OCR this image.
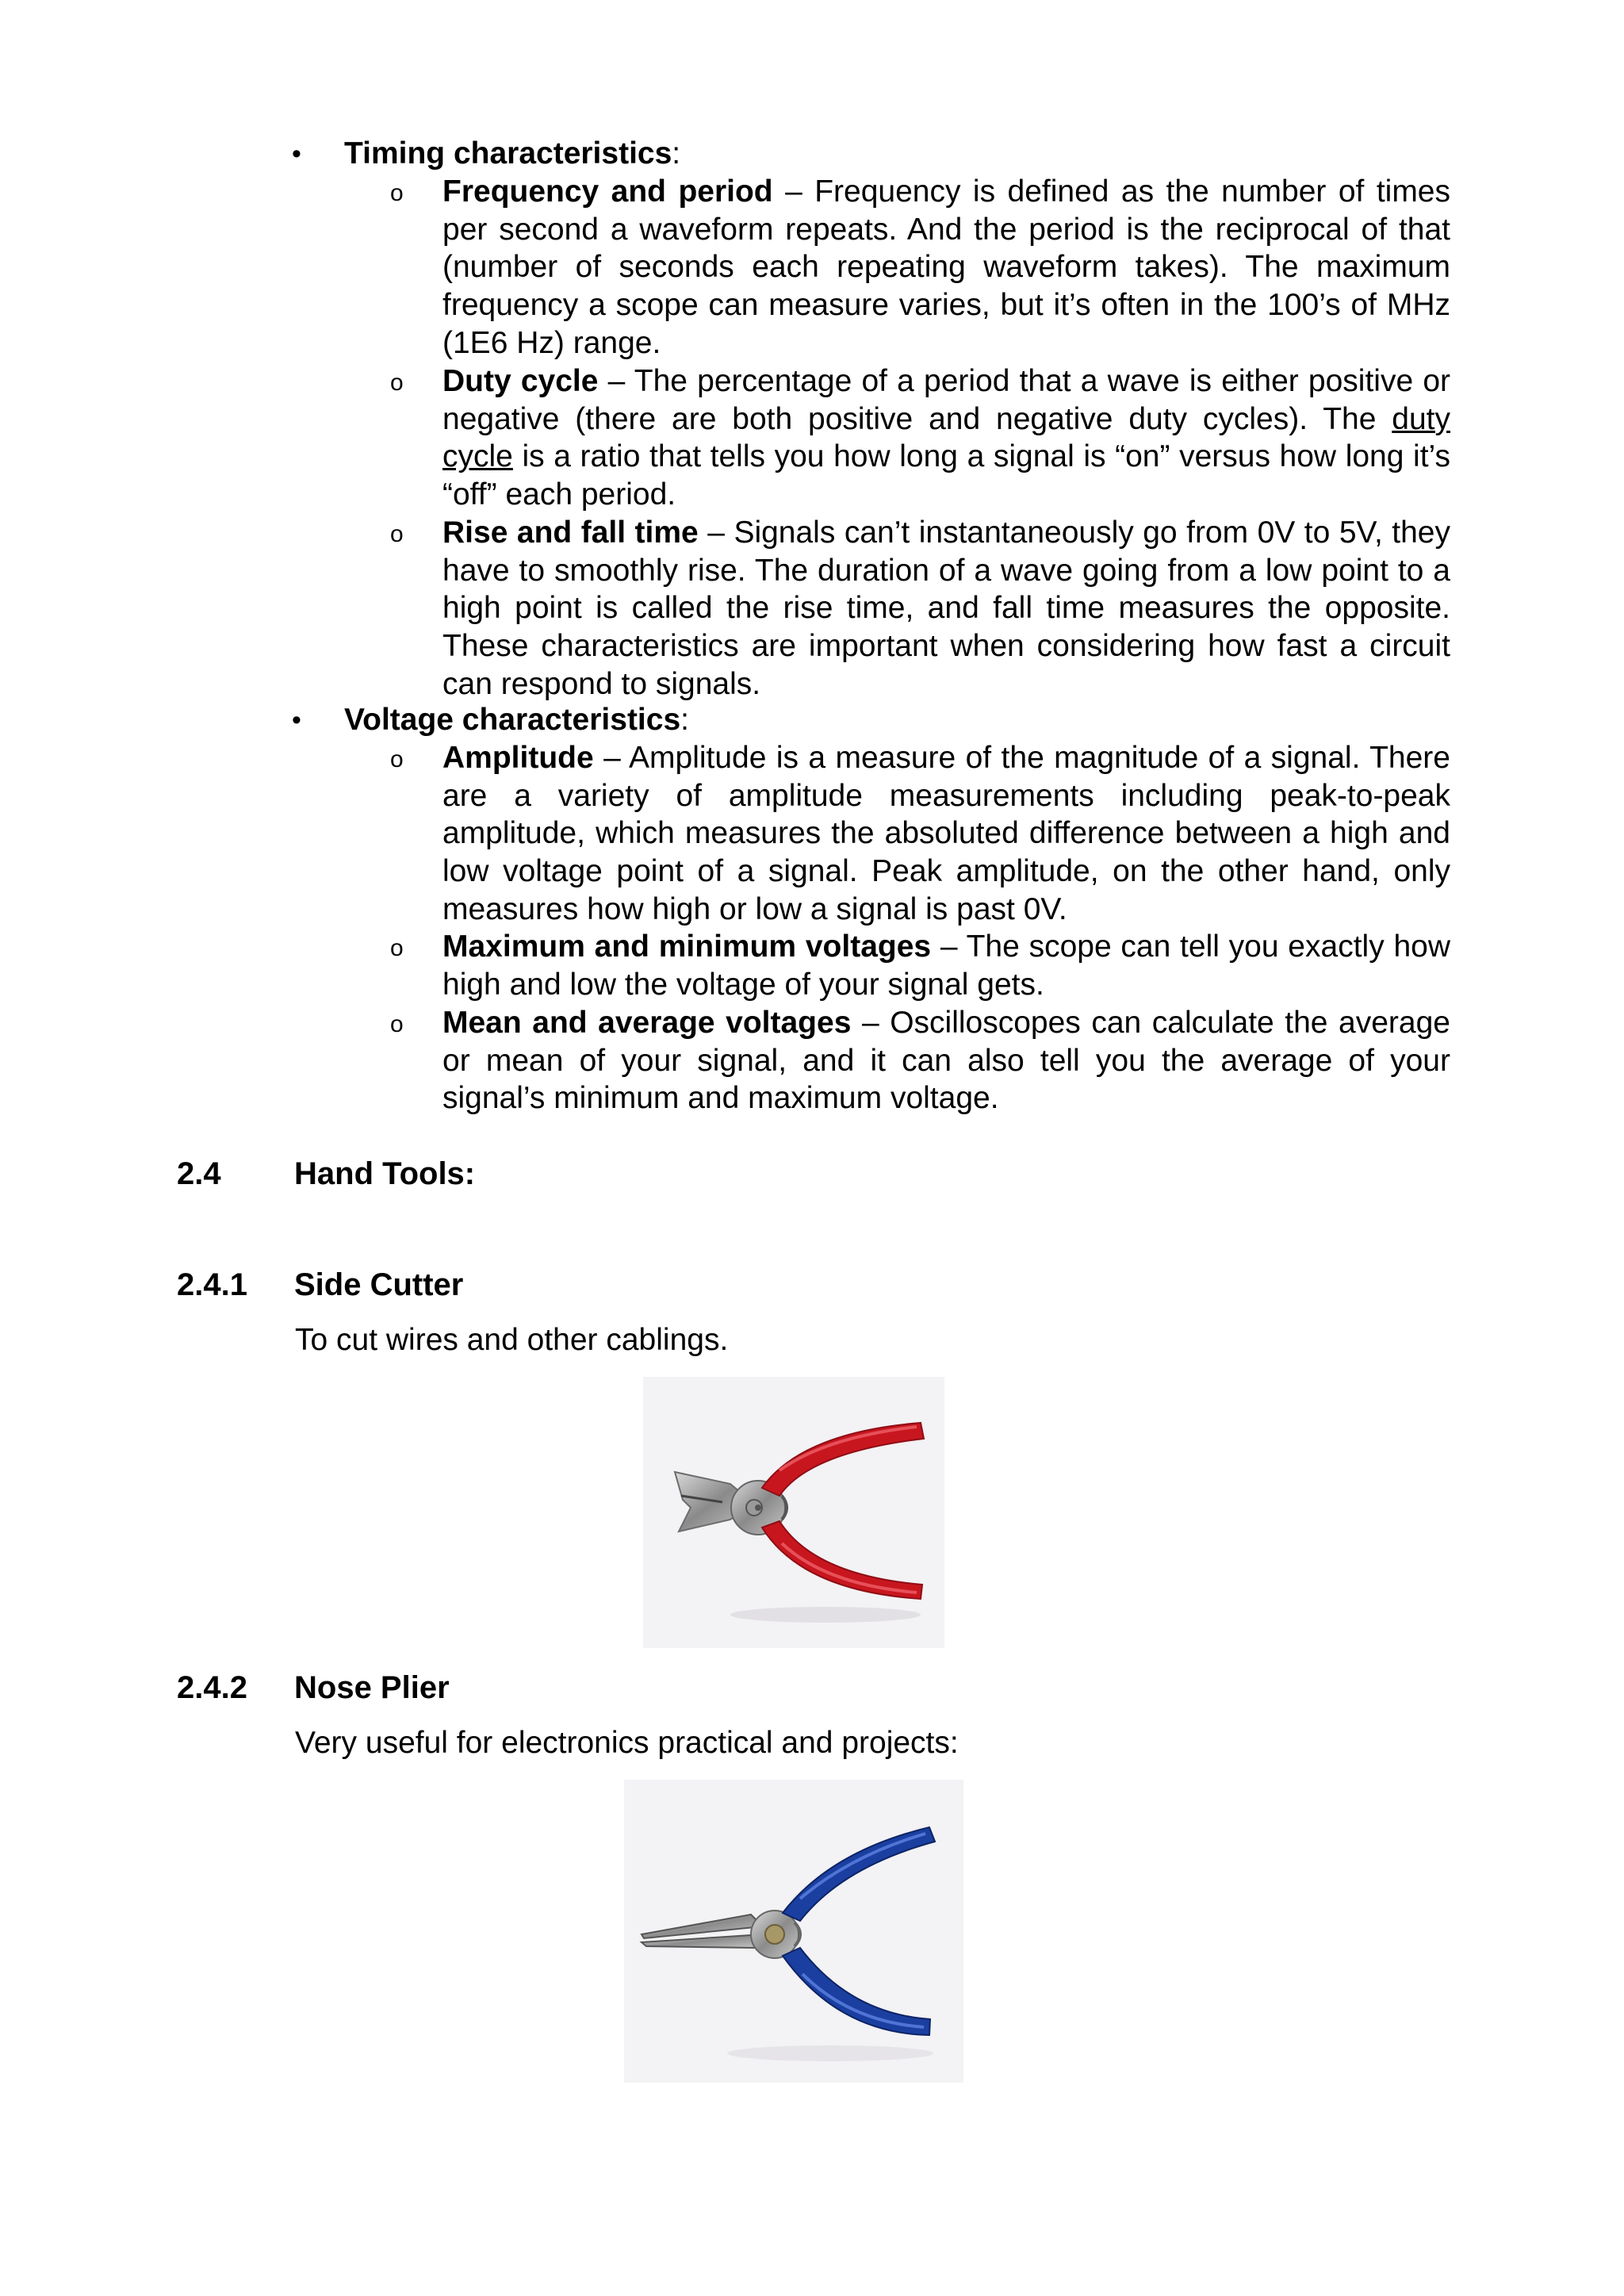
•	Timing characteristics:
o Frequency and period – Frequency is defined as the number of times per second a waveform repeats. And the period is the reciprocal of that (number of seconds each repeating waveform takes). The maximum frequency a scope can measure varies, but it’s often in the 100’s of MHz (1E6 Hz) range.
o Duty cycle – The percentage of a period that a wave is either positive or negative (there are both positive and negative duty cycles). The duty cycle is a ratio that tells you how long a signal is “on” versus how long it’s “off” each period.
o Rise and fall time – Signals can’t instantaneously go from 0V to 5V, they have to smoothly rise. The duration of a wave going from a low point to a high point is called the rise time, and fall time measures the opposite. These characteristics are important when considering how fast a circuit can respond to signals.
•	Voltage characteristics:
o Amplitude – Amplitude is a measure of the magnitude of a signal. There are a variety of amplitude measurements including peak-to-peak amplitude, which measures the absoluted difference between a high and low voltage point of a signal. Peak amplitude, on the other hand, only measures how high or low a signal is past 0V.
o Maximum and minimum voltages – The scope can tell you exactly how high and low the voltage of your signal gets.
o Mean and average voltages – Oscilloscopes can calculate the average or mean of your signal, and it can also tell you the average of your signal’s minimum and maximum voltage.
2.4 Hand Tools:
2.4.1 Side Cutter
To cut wires and other cablings.
2.4.2 Nose Plier
Very useful for electronics practical and projects:
